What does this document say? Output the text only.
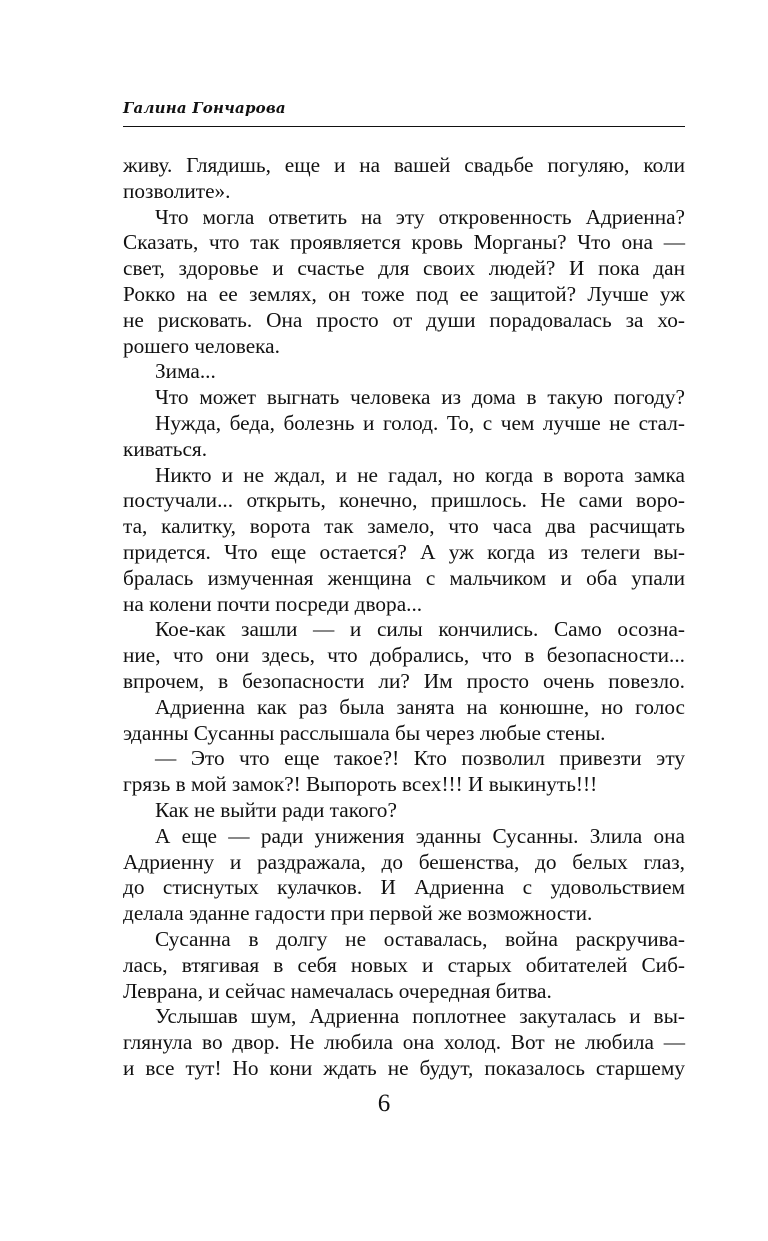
Галина Гончарова
живу. Глядишь, еще и на вашей свадьбе погуляю, коли
позволите».
Что могла ответить на эту откровенность Адриенна?
Сказать, что так проявляется кровь Морганы? Что она —
свет, здоровье и счастье для своих людей? И пока дан
Рокко на ее землях, он тоже под ее защитой? Лучше уж
не рисковать. Она просто от души порадовалась за хо-
рошего человека.
Зима...
Что может выгнать человека из дома в такую погоду?
Нужда, беда, болезнь и голод. То, с чем лучше не стал-
киваться.
Никто и не ждал, и не гадал, но когда в ворота замка
постучали... открыть, конечно, пришлось. Не сами воро-
та, калитку, ворота так замело, что часа два расчищать
придется. Что еще остается? А уж когда из телеги вы-
бралась измученная женщина с мальчиком и оба упали
на колени почти посреди двора...
Кое-как зашли — и силы кончились. Само осозна-
ние, что они здесь, что добрались, что в безопасности...
впрочем, в безопасности ли? Им просто очень повезло.
Адриенна как раз была занята на конюшне, но голос
эданны Сусанны расслышала бы через любые стены.
— Это что еще такое?! Кто позволил привезти эту
грязь в мой замок?! Выпороть всех!!! И выкинуть!!!
Как не выйти ради такого?
А еще — ради унижения эданны Сусанны. Злила она
Адриенну и раздражала, до бешенства, до белых глаз,
до стиснутых кулачков. И Адриенна с удовольствием
делала эданне гадости при первой же возможности.
Сусанна в долгу не оставалась, война раскручива-
лась, втягивая в себя новых и старых обитателей Сиб-
Леврана, и сейчас намечалась очередная битва.
Услышав шум, Адриенна поплотнее закуталась и вы-
глянула во двор. Не любила она холод. Вот не любила —
и все тут! Но кони ждать не будут, показалось старшему
6
